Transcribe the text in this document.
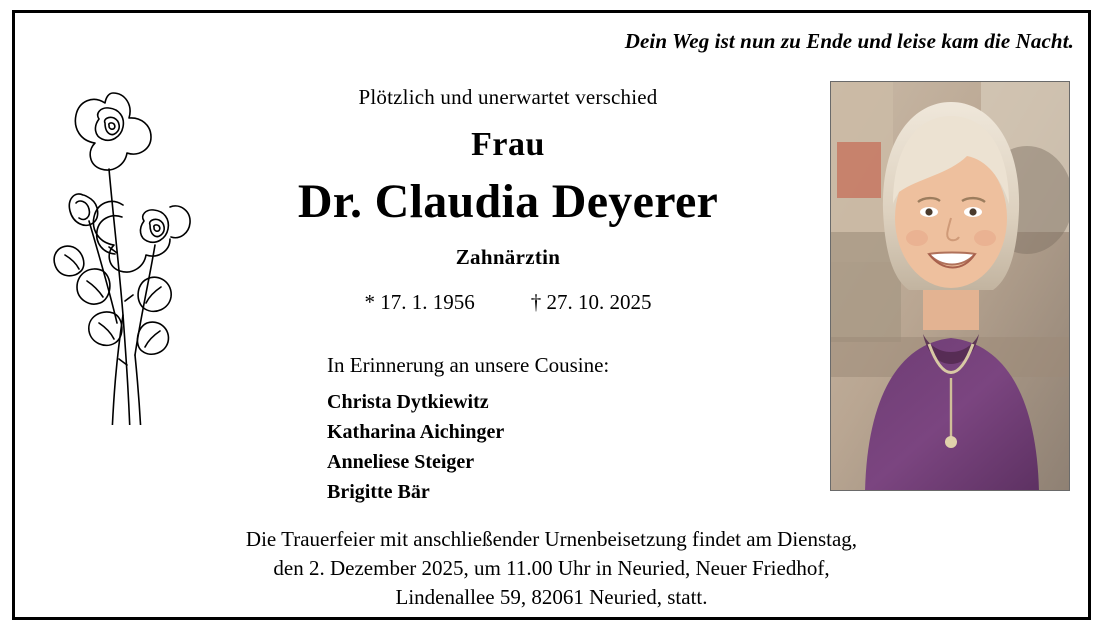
Dein Weg ist nun zu Ende und leise kam die Nacht.
Plötzlich und unerwartet verschied
Frau
Dr. Claudia Deyerer
Zahnärztin
* 17. 1. 1956	† 27. 10. 2025
In Erinnerung an unsere Cousine:
Christa Dytkiewitz
Katharina Aichinger
Anneliese Steiger
Brigitte Bär
Die Trauerfeier mit anschließender Urnenbeisetzung findet am Dienstag,
den 2. Dezember 2025, um 11.00 Uhr in Neuried, Neuer Friedhof,
Lindenallee 59, 82061 Neuried, statt.
